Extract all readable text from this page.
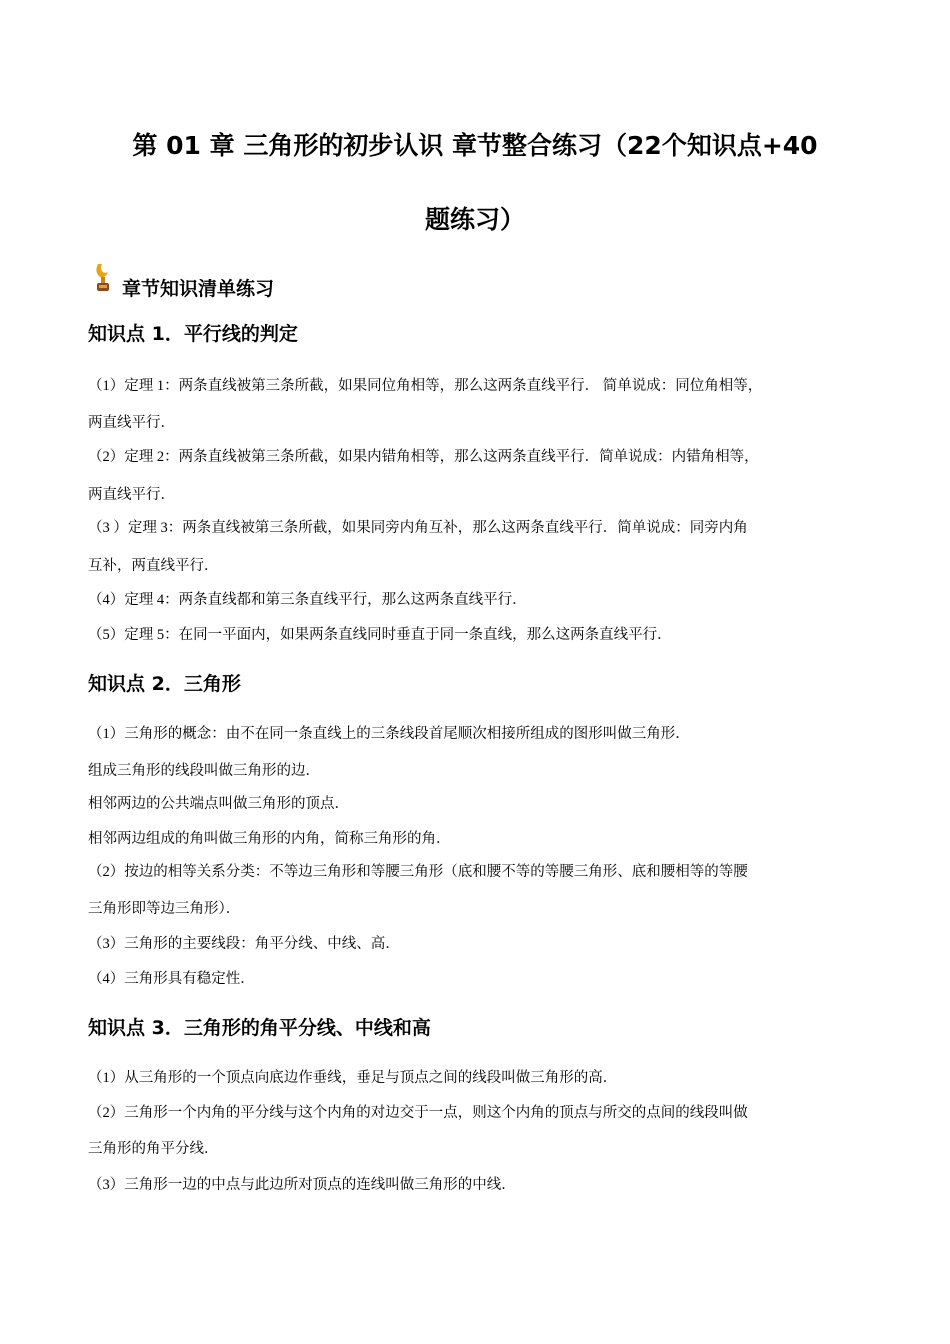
第 01 章 三角形的初步认识 章节整合练习（22个知识点+40
题练习）
章节知识清单练习
知识点 1．平行线的判定
（1）定理 1：两条直线被第三条所截，如果同位角相等，那么这两条直线平行． 简单说成：同位角相等，
两直线平行．
（2）定理 2：两条直线被第三条所截，如果内错角相等，那么这两条直线平行．简单说成：内错角相等，
两直线平行．
（3 ）定理 3：两条直线被第三条所截，如果同旁内角互补，那么这两条直线平行．简单说成：同旁内角
互补，两直线平行．
（4）定理 4：两条直线都和第三条直线平行，那么这两条直线平行．
（5）定理 5：在同一平面内，如果两条直线同时垂直于同一条直线，那么这两条直线平行．
知识点 2．三角形
（1）三角形的概念：由不在同一条直线上的三条线段首尾顺次相接所组成的图形叫做三角形．
组成三角形的线段叫做三角形的边．
相邻两边的公共端点叫做三角形的顶点．
相邻两边组成的角叫做三角形的内角，简称三角形的角．
（2）按边的相等关系分类：不等边三角形和等腰三角形（底和腰不等的等腰三角形、底和腰相等的等腰
三角形即等边三角形）．
（3）三角形的主要线段：角平分线、中线、高．
（4）三角形具有稳定性．
知识点 3．三角形的角平分线、中线和高
（1）从三角形的一个顶点向底边作垂线，垂足与顶点之间的线段叫做三角形的高．
（2）三角形一个内角的平分线与这个内角的对边交于一点，则这个内角的顶点与所交的点间的线段叫做
三角形的角平分线．
（3）三角形一边的中点与此边所对顶点的连线叫做三角形的中线．
